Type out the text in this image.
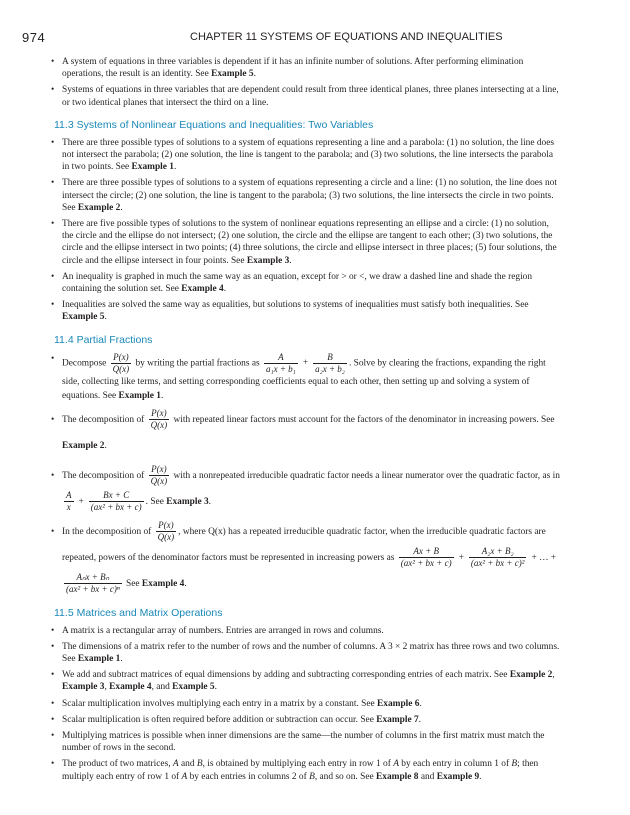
974	CHAPTER 11 SYSTEMS OF EQUATIONS AND INEQUALITIES
• A system of equations in three variables is dependent if it has an infinite number of solutions. After performing elimination operations, the result is an identity. See Example 5.
• Systems of equations in three variables that are dependent could result from three identical planes, three planes intersecting at a line, or two identical planes that intersect the third on a line.
11.3 Systems of Nonlinear Equations and Inequalities: Two Variables
• There are three possible types of solutions to a system of equations representing a line and a parabola: (1) no solution, the line does not intersect the parabola; (2) one solution, the line is tangent to the parabola; and (3) two solutions, the line intersects the parabola in two points. See Example 1.
• There are three possible types of solutions to a system of equations representing a circle and a line: (1) no solution, the line does not intersect the circle; (2) one solution, the line is tangent to the parabola; (3) two solutions, the line intersects the circle in two points. See Example 2.
• There are five possible types of solutions to the system of nonlinear equations representing an ellipse and a circle: (1) no solution, the circle and the ellipse do not intersect; (2) one solution, the circle and the ellipse are tangent to each other; (3) two solutions, the circle and the ellipse intersect in two points; (4) three solutions, the circle and ellipse intersect in three places; (5) four solutions, the circle and the ellipse intersect in four points. See Example 3.
• An inequality is graphed in much the same way as an equation, except for > or <, we draw a dashed line and shade the region containing the solution set. See Example 4.
• Inequalities are solved the same way as equalities, but solutions to systems of inequalities must satisfy both inequalities. See Example 5.
11.4 Partial Fractions
• Decompose $\frac{P(x)}{Q(x)}$ by writing the partial fractions as $\frac{A}{\text{a₁x + b₁}} + \frac{B}{\text{a₂x + b₂}}$ . Solve by clearing the fractions, expanding the right side, collecting like terms, and setting corresponding coefficients equal to each other, then setting up and solving a system of equations. See Example 1.
• The decomposition of $\frac{P(x)}{Q(x)}$ with repeated linear factors must account for the factors of the denominator in increasing powers. See Example 2.
• The decomposition of $\frac{P(x)}{Q(x)}$ with a nonrepeated irreducible quadratic factor needs a linear numerator over the quadratic factor, as in
$\frac{A}{x} + \frac{Bx + C}{\text{(ax² + bx + c)}}$ . See Example 3.
• In the decomposition of $\frac{P(x)}{Q(x)}$ , where Q(x) has a repeated irreducible quadratic factor, when the irreducible quadratic factors are repeated, powers of the denominator factors must be represented in increasing powers as $\frac{Ax + B}{\text{(ax² + bx + c)}} + \frac{\text{A₂x + B₂}}{\text{(ax² + bx + c)²}}$ + … +
$\frac{\text{Aₙx + Bₙ}}{\text{(ax² + bx + c)ⁿ}}$ See Example 4.
11.5 Matrices and Matrix Operations
• A matrix is a rectangular array of numbers. Entries are arranged in rows and columns.
• The dimensions of a matrix refer to the number of rows and the number of columns. A 3 × 2 matrix has three rows and two columns. See Example 1.
• We add and subtract matrices of equal dimensions by adding and subtracting corresponding entries of each matrix. See Example 2, Example 3, Example 4, and Example 5.
• Scalar multiplication involves multiplying each entry in a matrix by a constant. See Example 6.
• Scalar multiplication is often required before addition or subtraction can occur. See Example 7.
• Multiplying matrices is possible when inner dimensions are the same—the number of columns in the first matrix must match the number of rows in the second.
• The product of two matrices, A and B, is obtained by multiplying each entry in row 1 of A by each entry in column 1 of B; then multiply each entry of row 1 of A by each entries in columns 2 of B, and so on. See Example 8 and Example 9.
